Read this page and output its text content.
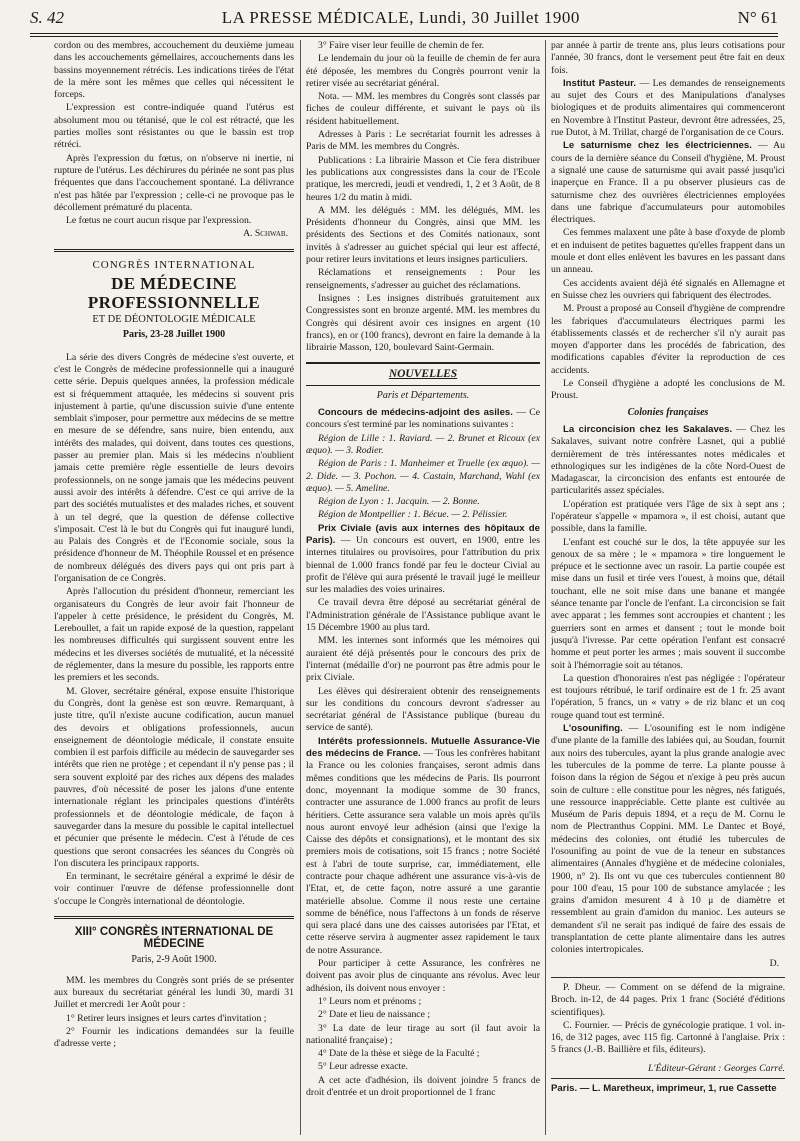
S. 42	LA PRESSE MÉDICALE, Lundi, 30 Juillet 1900	N° 61

cordon ou des membres, accouchement du deuxième jumeau dans les accouchements gémellaires, accouchements dans les bassins moyennement rétrécis. Les indications tirées de l'état de la mère sont les mêmes que celles qui nécessitent le forceps.

L'expression est contre-indiquée quand l'utérus est absolument mou ou tétanisé, que le col est rétracté, que les parties molles sont résistantes ou que le bassin est trop rétréci.

Après l'expression du fœtus, on n'observe ni inertie, ni rupture de l'utérus. Les déchirures du périnée ne sont pas plus fréquentes que dans l'accouchement spontané. La délivrance n'est pas hâtée par l'expression ; celle-ci ne provoque pas le décollement prématuré du placenta.

Le fœtus ne court aucun risque par l'expression.

A. Schwab.
CONGRÈS INTERNATIONAL
DE MÉDECINE PROFESSIONNELLE
ET DE DÉONTOLOGIE MÉDICALE
Paris, 23-28 Juillet 1900

La série des divers Congrès de médecine s'est ouverte, et c'est le Congrès de médecine professionnelle qui a inauguré cette série. Depuis quelques années, la profession médicale est si fréquemment attaquée, les médecins si souvent pris injustement à partie, qu'une discussion suivie d'une entente semblait s'imposer, pour permettre aux médecins de se mettre en mesure de se défendre, sans nuire, bien entendu, aux intérêts des malades, qui doivent, dans toutes ces questions, passer au premier plan. Mais si les médecins n'oublient jamais cette première règle essentielle de leurs devoirs professionnels, on ne songe jamais que les médecins peuvent aussi avoir des intérêts à défendre. C'est ce qui arrive de la part des sociétés mutualistes et des malades riches, et souvent à un tel degré, que la question de défense collective s'imposait. C'est là le but du Congrès qui fut inauguré lundi, au Palais des Congrès et de l'Economie sociale, sous la présidence d'honneur de M. Théophile Roussel et en présence de nombreux délégués des divers pays qui ont pris part à l'organisation de ce Congrès.

Après l'allocution du président d'honneur, remerciant les organisateurs du Congrès de leur avoir fait l'honneur de l'appeler à cette présidence, le président du Congrès, M. Lereboullet, a fait un rapide exposé de la question, rappelant les nombreuses difficultés qui surgissent souvent entre les médecins et les diverses sociétés de mutualité, et la nécessité de réglementer, dans la mesure du possible, les rapports entre les premiers et les seconds.

M. Glover, secrétaire général, expose ensuite l'historique du Congrès, dont la genèse est son œuvre. Remarquant, à juste titre, qu'il n'existe aucune codification, aucun manuel des devoirs et obligations professionnels, aucun enseignement de déontologie médicale, il constate ensuite combien il est parfois difficile au médecin de sauvegarder ses intérêts que rien ne protège ; et cependant il n'y pense pas ; il sera souvent exploité par des riches aux dépens des malades pauvres, d'où nécessité de poser les jalons d'une entente internationale réglant les principales questions d'intérêts professionnels et de déontologie médicale, de façon à sauvegarder dans la mesure du possible le capital intellectuel et pécunier que présente le médecin. C'est à l'étude de ces questions que seront consacrées les séances du Congrès où l'on discutera les principaux rapports.

En terminant, le secrétaire général a exprimé le désir de voir continuer l'œuvre de défense professionnelle dont s'occupe le Congrès international de déontologie.

XIII° CONGRÈS INTERNATIONAL DE MÉDECINE
Paris, 2-9 Août 1900.

MM. les membres du Congrès sont priés de se présenter aux bureaux du secrétariat général les lundi 30, mardi 31 Juillet et mercredi 1er Août pour :

1° Retirer leurs insignes et leurs cartes d'invitation ;

2° Fournir les indications demandées sur la feuille d'adresse verte ;

3° Faire viser leur feuille de chemin de fer.

Le lendemain du jour où la feuille de chemin de fer aura été déposée, les membres du Congrès pourront venir la retirer visée au secrétariat général.

Nota. — MM. les membres du Congrès sont classés par fiches de couleur différente, et suivant le pays où ils résident habituellement.

Adresses à Paris : Le secrétariat fournit les adresses à Paris de MM. les membres du Congrès.

Publications : La librairie Masson et Cie fera distribuer les publications aux congressistes dans la cour de l'Ecole pratique, les mercredi, jeudi et vendredi, 1, 2 et 3 Août, de 8 heures 1/2 du matin à midi.

A MM. les délégués : MM. les délégués, MM. les Présidents d'honneur du Congrès, ainsi que MM. les présidents des Sections et des Comités nationaux, sont invités à s'adresser au guichet spécial qui leur est affecté, pour retirer leurs invitations et leurs insignes particuliers.

Réclamations et renseignements : Pour les renseignements, s'adresser au guichet des réclamations.

Insignes : Les insignes distribués gratuitement aux Congressistes sont en bronze argenté. MM. les membres du Congrès qui désirent avoir ces insignes en argent (10 francs), en or (100 francs), devront en faire la demande à la librairie Masson, 120, boulevard Saint-Germain.

NOUVELLES
Paris et Départements.

Concours de médecins-adjoint des asiles. — Ce concours s'est terminé par les nominations suivantes :

Région de Lille : 1. Raviard. — 2. Brunet et Ricoux (ex æquo). — 3. Rodier.

Région de Paris : 1. Manheimer et Truelle (ex æquo). — 2. Dide. — 3. Pochon. — 4. Castain, Marchand, Wahl (ex æquo). — 5. Ameline.

Région de Lyon : 1. Jacquin. — 2. Bonne.

Région de Montpellier : 1. Bécue. — 2. Pélissier.

Prix Civiale (avis aux internes des hôpitaux de Paris). — Un concours est ouvert, en 1900, entre les internes titulaires ou provisoires, pour l'attribution du prix biennal de 1.000 francs fondé par feu le docteur Civial au profit de l'élève qui aura présenté le travail jugé le meilleur sur les maladies des voies urinaires.

Ce travail devra être déposé au secrétariat général de l'Administration générale de l'Assistance publique avant le 15 Décembre 1900 au plus tard.

MM. les internes sont informés que les mémoires qui auraient été déjà présentés pour le concours des prix de l'internat (médaille d'or) ne pourront pas être admis pour le prix Civiale.

Les élèves qui désireraient obtenir des renseignements sur les conditions du concours devront s'adresser au secrétariat général de l'Assistance publique (bureau du service de santé).

Intérêts professionnels. Mutuelle Assurance-Vie des médecins de France. — Tous les confrères habitant la France ou les colonies françaises, seront admis dans mêmes conditions que les médecins de Paris. Ils pourront donc, moyennant la modique somme de 30 francs, contracter une assurance de 1.000 francs au profit de leurs héritiers. Cette assurance sera valable un mois après qu'ils nous auront envoyé leur adhésion (ainsi que l'exige la Caisse des dépôts et consignations), et le montant des six premiers mois de cotisations, soit 15 francs ; notre Société est à l'abri de toute surprise, car, immédiatement, elle contracte pour chaque adhérent une assurance vis-à-vis de l'Etat, et, de cette façon, notre assuré a une garantie matérielle absolue. Comme il nous reste une certaine somme de bénéfice, nous l'affectons à un fonds de réserve qui sera placé dans une des caisses autorisées par l'Etat, et cette réserve servira à augmenter assez rapidement le taux de notre Assurance.

Pour participer à cette Assurance, les confrères ne doivent pas avoir plus de cinquante ans révolus. Avec leur adhésion, ils doivent nous envoyer :

1° Leurs nom et prénoms ;

2° Date et lieu de naissance ;

3° La date de leur tirage au sort (il faut avoir la nationalité française) ;

4° Date de la thèse et siège de la Faculté ;

5° Leur adresse exacte.

A cet acte d'adhésion, ils doivent joindre 5 francs de droit d'entrée et un droit proportionnel de 1 franc

par année à partir de trente ans, plus leurs cotisations pour l'année, 30 francs, dont le versement peut être fait en deux fois.

Institut Pasteur. — Les demandes de renseignements au sujet des Cours et des Manipulations d'analyses biologiques et de produits alimentaires qui commenceront en Novembre à l'Institut Pasteur, devront être adressées, 25, rue Dutot, à M. Trillat, chargé de l'organisation de ce Cours.

Le saturnisme chez les électriciennes. — Au cours de la dernière séance du Conseil d'hygiène, M. Proust a signalé une cause de saturnisme qui avait passé jusqu'ici inaperçue en France. Il a pu observer plusieurs cas de saturnisme chez des ouvrières électriciennes employées dans une fabrique d'accumulateurs pour automobiles électriques.

Ces femmes malaxent une pâte à base d'oxyde de plomb et en induisent de petites baguettes qu'elles frappent dans un moule et dont elles enlèvent les bavures en les passant dans un anneau.

Ces accidents avaient déjà été signalés en Allemagne et en Suisse chez les ouvriers qui fabriquent des électrodes.

M. Proust a proposé au Conseil d'hygiène de comprendre les fabriques d'accumulateurs électriques parmi les établissements classés et de rechercher s'il n'y aurait pas moyen d'apporter dans les procédés de fabrication, des modifications capables d'éviter la reproduction de ces accidents.

Le Conseil d'hygiène a adopté les conclusions de M. Proust.

Colonies françaises

La circoncision chez les Sakalaves. — Chez les Sakalaves, suivant notre confrère Lasnet, qui a publié dernièrement de très intéressantes notes médicales et ethnologiques sur les indigènes de la côte Nord-Ouest de Madagascar, la circoncision des enfants est entourée de particularités assez spéciales.

L'opération est pratiquée vers l'âge de six à sept ans ; l'opérateur s'appelle « mpamora », il est choisi, autant que possible, dans la famille.

L'enfant est couché sur le dos, la tête appuyée sur les genoux de sa mère ; le « mpamora » tire longuement le prépuce et le sectionne avec un rasoir. La partie coupée est mise dans un fusil et tirée vers l'ouest, à moins que, détail touchant, elle ne soit mise dans une banane et mangée séance tenante par l'oncle de l'enfant. La circoncision se fait avec apparat ; les femmes sont accroupies et chantent ; les guerriers sont en armes et dansent ; tout le monde boit jusqu'à l'ivresse. Par cette opération l'enfant est consacré homme et peut porter les armes ; mais souvent il succombe soit à l'hémorragie soit au tétanos.

La question d'honoraires n'est pas négligée : l'opérateur est toujours rétribué, le tarif ordinaire est de 1 fr. 25 avant l'opération, 5 francs, un « vatry » de riz blanc et un coq rouge quand tout est terminé.

L'osounifing. — L'osounifing est le nom indigène d'une plante de la famille des labiées qui, au Soudan, fournit aux noirs des tubercules, ayant la plus grande analogie avec les tubercules de la pomme de terre. La plante pousse à foison dans la région de Ségou et n'exige à peu près aucun soin de culture : elle constitue pour les nègres, nés fatigués, une ressource inappréciable. Cette plante est cultivée au Muséum de Paris depuis 1894, et a reçu de M. Cornu le nom de Plectranthus Coppini. MM. Le Dantec et Boyé, médecins des colonies, ont étudié les tubercules de l'osounifing au point de vue de la teneur en substances alimentaires (Annales d'hygiène et de médecine coloniales, 1900, n° 2). Ils ont vu que ces tubercules contiennent 80 pour 100 d'eau, 15 pour 100 de substance amylacée ; les grains d'amidon mesurent 4 à 10 μ de diamètre et ressemblent au grain d'amidon du manioc. Les auteurs se demandent s'il ne serait pas indiqué de faire des essais de transplantation de cette plante alimentaire dans les autres colonies intertropicales.

D.

P. Dheur. — Comment on se défend de la migraine. Broch. in-12, de 44 pages. Prix 1 franc (Société d'éditions scientifiques).

C. Fournier. — Précis de gynécologie pratique. 1 vol. in-16, de 312 pages, avec 115 fig. Cartonné à l'anglaise. Prix : 5 francs (J.-B. Baillière et fils, éditeurs).

L'Éditeur-Gérant : Georges Carré.
Paris. — L. Maretheux, imprimeur, 1, rue Cassette
